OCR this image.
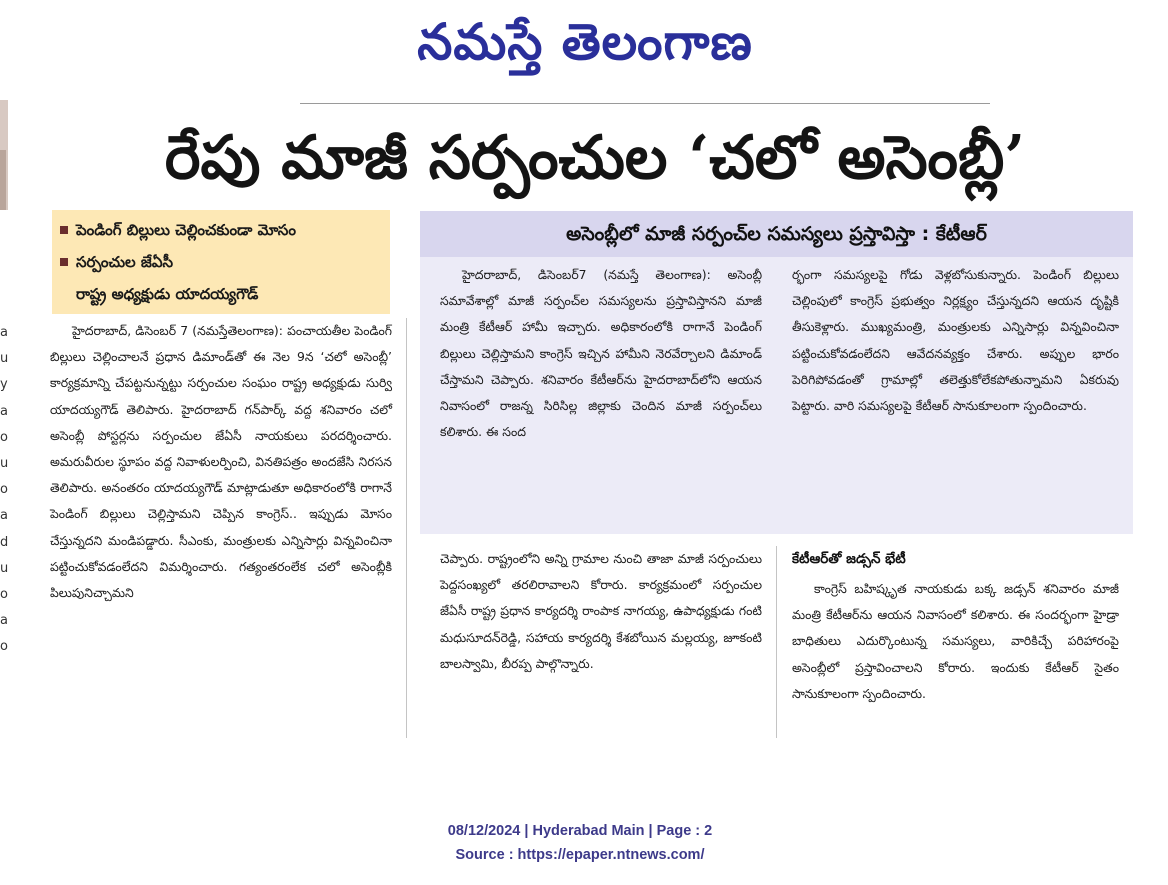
నమస్తే తెలంగాణ
రేపు మాజీ సర్పంచుల ‘చలో అసెంబ్లీ’
పెండింగ్ బిల్లులు చెల్లించకుండా మోసం
సర్పంచుల జేఏసీ
రాష్ట్ర అధ్యక్షుడు యాదయ్యగౌడ్
అసెంబ్లీలో మాజీ సర్పంచ్‌ల సమస్యలు ప్రస్తావిస్తా : కేటీఆర్
a
u
y
a
o
u
o
a
d
u
o
a
o

హైదరాబాద్, డిసెంబర్ 7 (నమస్తేతెలంగాణ): పంచాయతీల పెండింగ్ బిల్లులు చెల్లించాలనే ప్రధాన డిమాండ్‌తో ఈ నెల 9న ‘చలో అసెంబ్లీ’ కార్యక్రమాన్ని చేపట్టనున్నట్టు సర్పంచుల సంఘం రాష్ట్ర అధ్యక్షుడు సుర్వి యాదయ్యగౌడ్ తెలిపారు. హైదరాబాద్ గన్‌పార్క్ వద్ద శనివారం చలో అసెంబ్లీ పోస్టర్లను సర్పంచుల జేఏసీ నాయకులు పరదర్శించారు. అమరువీరుల స్థూపం వద్ద నివాళులర్పించి, వినతిపత్రం అందజేసి నిరసన తెలిపారు. అనంతరం యాదయ్యగౌడ్ మాట్లాడుతూ అధికారంలోకి రాగానే పెండింగ్ బిల్లులు చెల్లిస్తామని చెప్పిన కాంగ్రెస్.. ఇప్పుడు మోసం చేస్తున్నదని మండిపడ్డారు. సీఎంకు, మంత్రులకు ఎన్నిసార్లు విన్నవించినా పట్టించుకోవడంలేదని విమర్శించారు. గత్యంతరంలేక చలో అసెంబ్లీకి పిలుపునిచ్చామని

హైదరాబాద్, డిసెంబర్7 (నమస్తే తెలంగాణ): అసెంబ్లీ సమావేశాల్లో మాజీ సర్పంచ్‌ల సమస్యలను ప్రస్తావిస్తానని మాజీ మంత్రి కేటీఆర్ హామీ ఇచ్చారు. అధికారంలోకి రాగానే పెండింగ్ బిల్లులు చెల్లిస్తామని కాంగ్రెస్ ఇచ్చిన హామీని నెరవేర్చాలని డిమాండ్ చేస్తామని చెప్పారు. శనివారం కేటీఆర్‌ను హైదరాబాద్‌లోని ఆయన నివాసంలో రాజన్న సిరిసిల్ల జిల్లాకు చెందిన మాజీ సర్పంచ్‌లు కలిశారు. ఈ సంద

ర్భంగా సమస్యలపై గోడు వెళ్లబోసుకున్నారు. పెండింగ్ బిల్లులు చెల్లింపులో కాంగ్రెస్ ప్రభుత్వం నిర్లక్ష్యం చేస్తున్నదని ఆయన దృష్టికి తీసుకెళ్లారు. ముఖ్యమంత్రి, మంత్రులకు ఎన్నిసార్లు విన్నవించినా పట్టించుకోవడంలేదని ఆవేదనవ్యక్తం చేశారు. అప్పుల భారం పెరిగిపోవడంతో గ్రామాల్లో తలెత్తుకోలేకపోతున్నామని ఏకరువు పెట్టారు. వారి సమస్యలపై కేటీఆర్ సానుకూలంగా స్పందించారు.

చెప్పారు. రాష్ట్రంలోని అన్ని గ్రామాల నుంచి తాజా మాజీ సర్పంచులు పెద్దసంఖ్యలో తరలిరావాలని కోరారు. కార్యక్రమంలో సర్పంచుల జేఏసీ రాష్ట్ర ప్రధాన కార్యదర్శి రాంపాక నాగయ్య, ఉపాధ్యక్షుడు గంటి మధుసూదన్‌రెడ్డి, సహాయ కార్యదర్శి కేశబోయిన మల్లయ్య, జూకంటి బాలస్వామి, బీరప్ప పాల్గొన్నారు.

కేటీఆర్‌తో జడ్సన్ భేటీ

కాంగ్రెస్ బహిష్కృత నాయకుడు బక్క జడ్సన్ శనివారం మాజీ మంత్రి కేటీఆర్‌ను ఆయన నివాసంలో కలిశారు. ఈ సందర్భంగా హైడ్రా బాధితులు ఎదుర్కొంటున్న సమస్యలు, వారికిచ్చే పరిహారంపై అసెంబ్లీలో ప్రస్తావించాలని కోరారు. ఇందుకు కేటీఆర్ సైతం సానుకూలంగా స్పందించారు.

08/12/2024 | Hyderabad Main | Page : 2
Source : https://epaper.ntnews.com/
